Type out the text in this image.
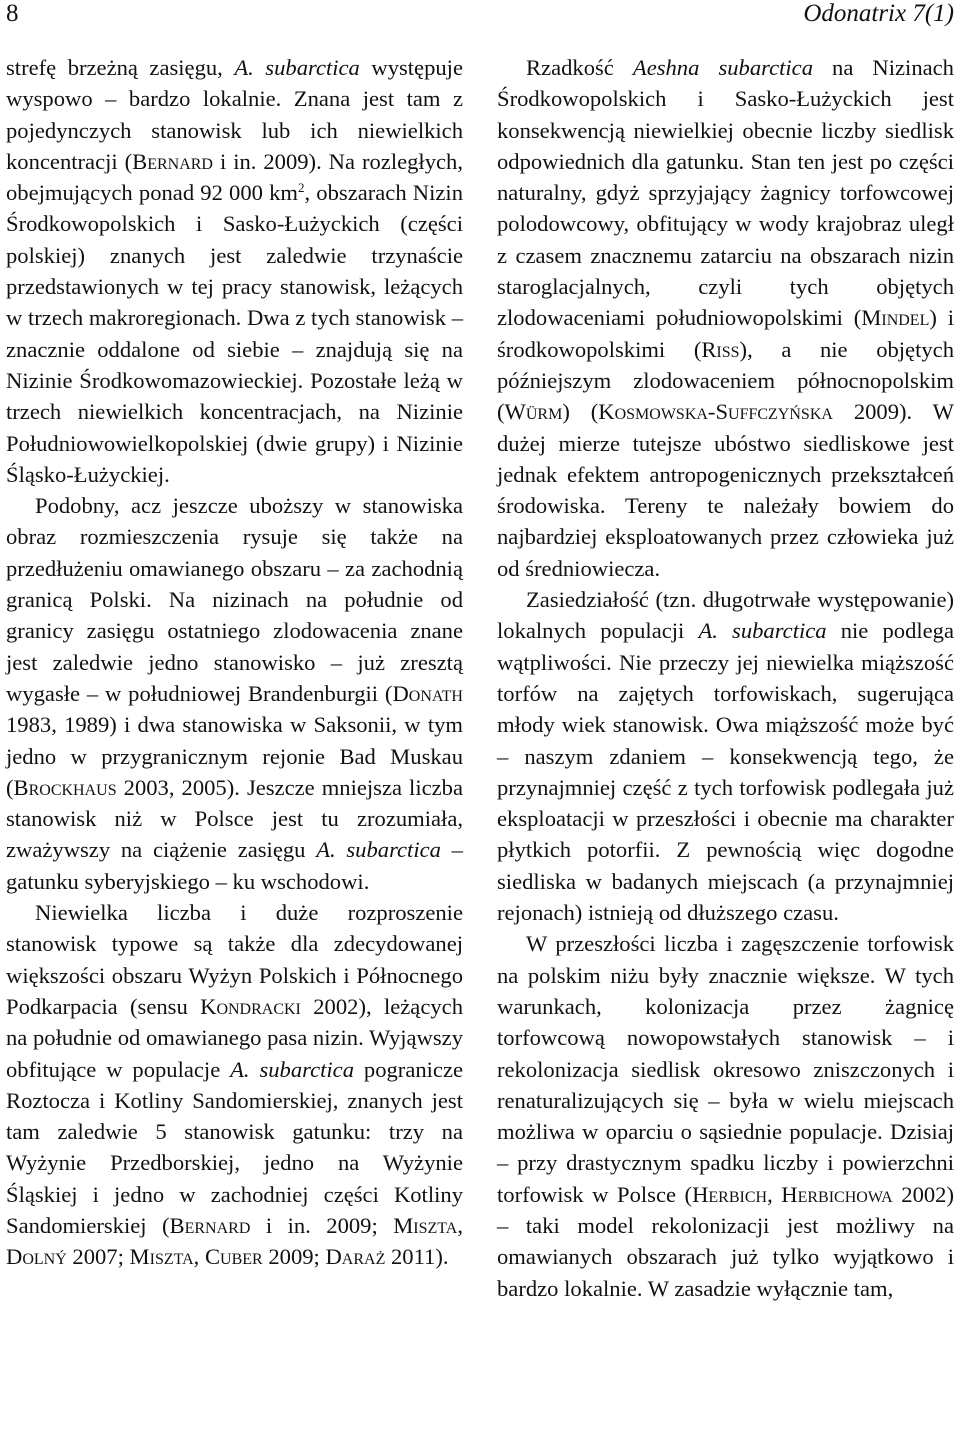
8	Odonatrix 7(1)

strefę brzeżną zasięgu, A. subarctica występuje wyspowo – bardzo lokalnie. Znana jest tam z pojedynczych stanowisk lub ich niewielkich koncentracji (Bernard i in. 2009). Na rozległych, obejmujących ponad 92 000 $km^2$, obszarach Nizin Środkowopolskich i Sasko-Łużyckich (części polskiej) znanych jest zaledwie trzynaście przedstawionych w tej pracy stanowisk, leżących w trzech makroregionach. Dwa z tych stanowisk – znacznie oddalone od siebie – znajdują się na Nizinie Środkowomazowieckiej. Pozostałe leżą w trzech niewielkich koncentracjach, na Nizinie Południowowielkopolskiej (dwie grupy) i Nizinie Śląsko-Łużyckiej.

Podobny, acz jeszcze uboższy w stanowiska obraz rozmieszczenia rysuje się także na przedłużeniu omawianego obszaru – za zachodnią granicą Polski. Na nizinach na południe od granicy zasięgu ostatniego zlodowacenia znane jest zaledwie jedno stanowisko – już zresztą wygasłe – w południowej Brandenburgii (Donath 1983, 1989) i dwa stanowiska w Saksonii, w tym jedno w przygranicznym rejonie Bad Muskau (Brockhaus 2003, 2005). Jeszcze mniejsza liczba stanowisk niż w Polsce jest tu zrozumiała, zważywszy na ciążenie zasięgu A. subarctica – gatunku syberyjskiego – ku wschodowi.

Niewielka liczba i duże rozproszenie stanowisk typowe są także dla zdecydowanej większości obszaru Wyżyn Polskich i Północnego Podkarpacia (sensu Kondracki 2002), leżących na południe od omawianego pasa nizin. Wyjąwszy obfitujące w populacje A. subarctica pogranicze Roztocza i Kotliny Sandomierskiej, znanych jest tam zaledwie 5 stanowisk gatunku: trzy na Wyżynie Przedborskiej, jedno na Wyżynie Śląskiej i jedno w zachodniej części Kotliny Sandomierskiej (Bernard i in. 2009; Miszta, Dolný 2007; Miszta, Cuber 2009; Daraż 2011).

Rzadkość Aeshna subarctica na Nizinach Środkowopolskich i Sasko-Łużyckich jest konsekwencją niewielkiej obecnie liczby siedlisk odpowiednich dla gatunku. Stan ten jest po części naturalny, gdyż sprzyjający żagnicy torfowcowej polodowcowy, obfitujący w wody krajobraz uległ z czasem znacznemu zatarciu na obszarach nizin staroglacjalnych, czyli tych objętych zlodowaceniami południowopolskimi (Mindel) i środkowopolskimi (Riss), a nie objętych późniejszym zlodowaceniem północnopolskim (Würm) (Kosmowska-Suffczyńska 2009). W dużej mierze tutejsze ubóstwo siedliskowe jest jednak efektem antropogenicznych przekształceń środowiska. Tereny te należały bowiem do najbardziej eksploatowanych przez człowieka już od średniowiecza.

Zasiedziałość (tzn. długotrwałe występowanie) lokalnych populacji A. subarctica nie podlega wątpliwości. Nie przeczy jej niewielka miąższość torfów na zajętych torfowiskach, sugerująca młody wiek stanowisk. Owa miąższość może być – naszym zdaniem – konsekwencją tego, że przynajmniej część z tych torfowisk podlegała już eksploatacji w przeszłości i obecnie ma charakter płytkich potorfii. Z pewnością więc dogodne siedliska w badanych miejscach (a przynajmniej rejonach) istnieją od dłuższego czasu.

W przeszłości liczba i zagęszczenie torfowisk na polskim niżu były znacznie większe. W tych warunkach, kolonizacja przez żagnicę torfowcową nowopowstałych stanowisk – i rekolonizacja siedlisk okresowo zniszczonych i renaturalizujących się – była w wielu miejscach możliwa w oparciu o sąsiednie populacje. Dzisiaj – przy drastycznym spadku liczby i powierzchni torfowisk w Polsce (Herbich, Herbichowa 2002) – taki model rekolonizacji jest możliwy na omawianych obszarach już tylko wyjątkowo i bardzo lokalnie. W zasadzie wyłącznie tam,
